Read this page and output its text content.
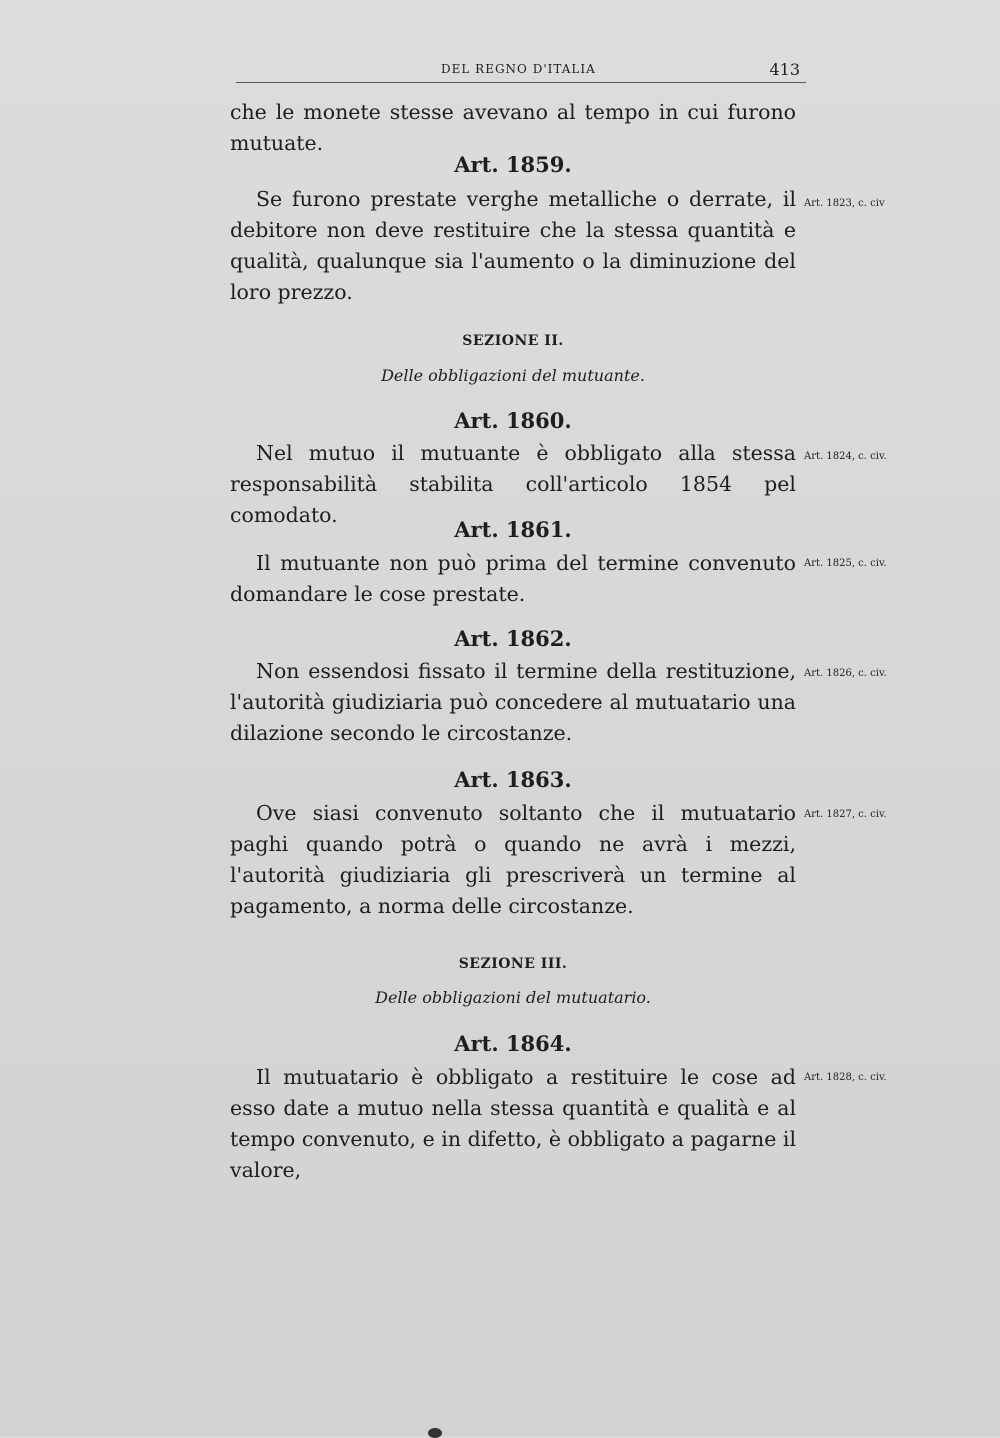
DEL REGNO D'ITALIA	413

che le monete stesse avevano al tempo in cui furono mutuate.

Art. 1859.

Se furono prestate verghe metalliche o derrate, il debitore non deve restituire che la stessa quantità e qualità, qualunque sia l'aumento o la diminuzione del loro prezzo.

Art. 1823, c. civ
SEZIONE II.

Delle obbligazioni del mutuante.

Art. 1860.

Nel mutuo il mutuante è obbligato alla stessa responsabilità stabilita coll'articolo 1854 pel comodato.

Art. 1824, c. civ.
Art. 1861.

Il mutuante non può prima del termine convenuto domandare le cose prestate.

Art. 1825, c. civ.
Art. 1862.

Non essendosi fissato il termine della restituzione, l'autorità giudiziaria può concedere al mutuatario una dilazione secondo le circostanze.

Art. 1826, c. civ.
Art. 1863.

Ove siasi convenuto soltanto che il mutuatario paghi quando potrà o quando ne avrà i mezzi, l'autorità giudiziaria gli prescriverà un termine al pagamento, a norma delle circostanze.

Art. 1827, c. civ.
SEZIONE III.

Delle obbligazioni del mutuatario.

Art. 1864.

Il mutuatario è obbligato a restituire le cose ad esso date a mutuo nella stessa quantità e qualità e al tempo convenuto, e in difetto, è obbligato a pagarne il valore,

Art. 1828, c. civ.
